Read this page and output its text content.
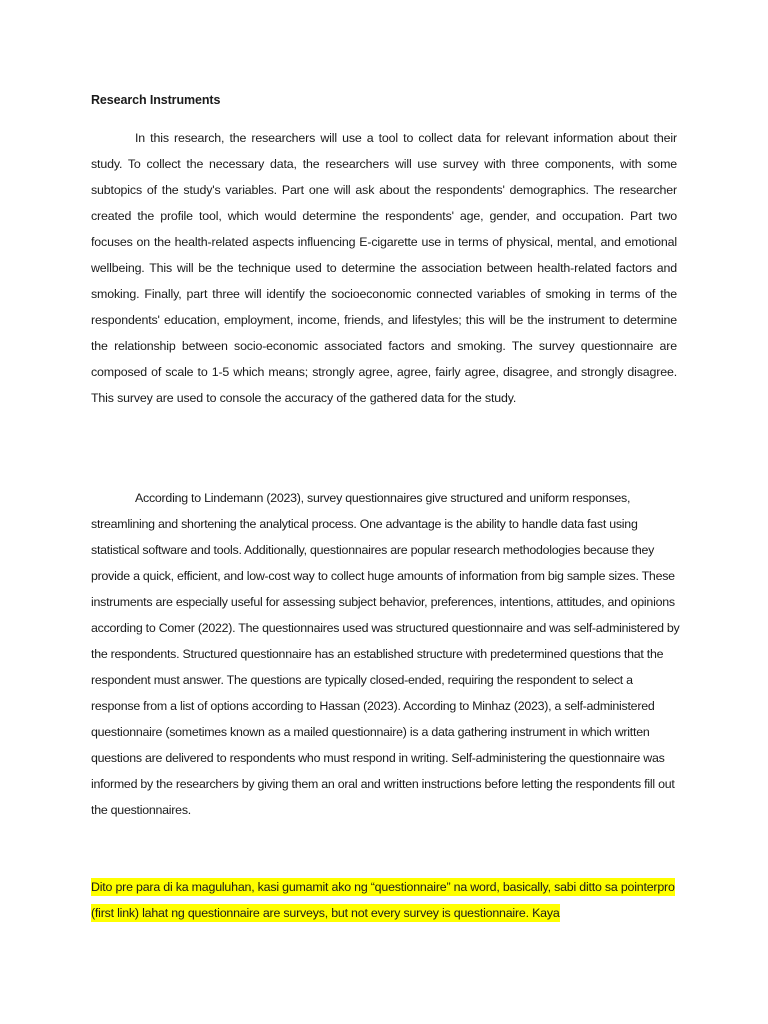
Research Instruments

In this research, the researchers will use a tool to collect data for relevant information about their study. To collect the necessary data, the researchers will use survey with three components, with some subtopics of the study's variables. Part one will ask about the respondents' demographics. The researcher created the profile tool, which would determine the respondents' age, gender, and occupation. Part two focuses on the health-related aspects influencing E-cigarette use in terms of physical, mental, and emotional wellbeing. This will be the technique used to determine the association between health-related factors and smoking. Finally, part three will identify the socioeconomic connected variables of smoking in terms of the respondents' education, employment, income, friends, and lifestyles; this will be the instrument to determine the relationship between socio-economic associated factors and smoking. The survey questionnaire are composed of scale to 1-5 which means; strongly agree, agree, fairly agree, disagree, and strongly disagree. This survey are used to console the accuracy of the gathered data for the study.

According to Lindemann (2023), survey questionnaires give structured and uniform responses, streamlining and shortening the analytical process. One advantage is the ability to handle data fast using statistical software and tools. Additionally, questionnaires are popular research methodologies because they provide a quick, efficient, and low-cost way to collect huge amounts of information from big sample sizes. These instruments are especially useful for assessing subject behavior, preferences, intentions, attitudes, and opinions according to Comer (2022). The questionnaires used was structured questionnaire and was self-administered by the respondents. Structured questionnaire has an established structure with predetermined questions that the respondent must answer. The questions are typically closed-ended, requiring the respondent to select a response from a list of options according to Hassan (2023). According to Minhaz (2023), a self-administered questionnaire (sometimes known as a mailed questionnaire) is a data gathering instrument in which written questions are delivered to respondents who must respond in writing. Self-administering the questionnaire was informed by the researchers by giving them an oral and written instructions before letting the respondents fill out the questionnaires.

Dito pre para di ka maguluhan, kasi gumamit ako ng “questionnaire” na word, basically, sabi ditto sa pointerpro (first link) lahat ng questionnaire are surveys, but not every survey is questionnaire. Kaya
